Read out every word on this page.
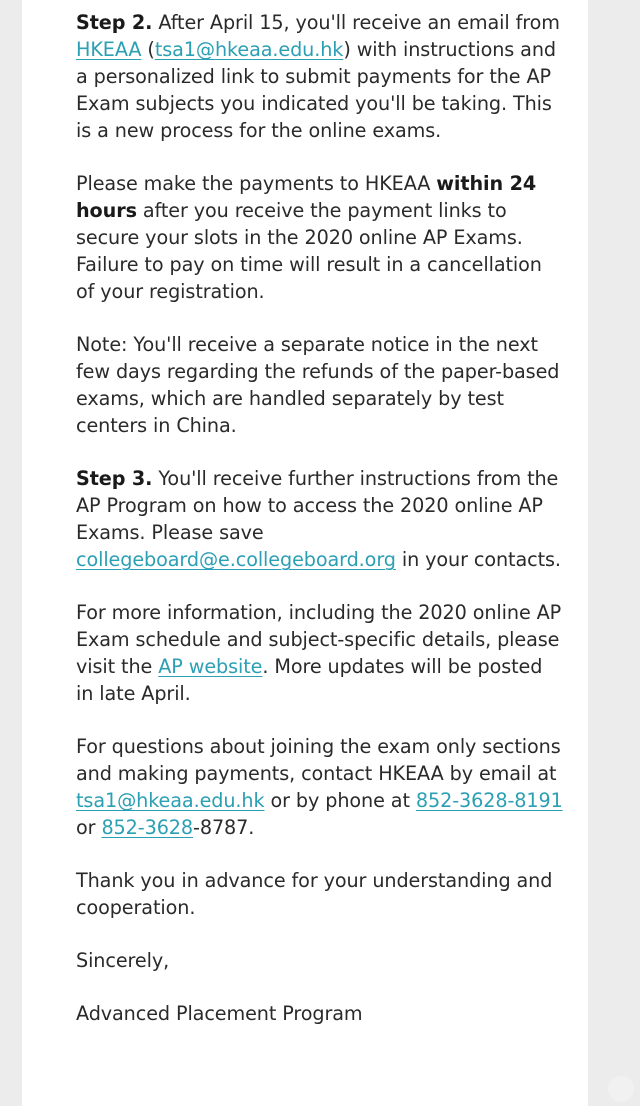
Step 2. After April 15, you'll receive an email from HKEAA (tsa1@hkeaa.edu.hk) with instructions and a personalized link to submit payments for the AP Exam subjects you indicated you'll be taking. This is a new process for the online exams.

Please make the payments to HKEAA within 24 hours after you receive the payment links to secure your slots in the 2020 online AP Exams. Failure to pay on time will result in a cancellation of your registration.

Note: You'll receive a separate notice in the next few days regarding the refunds of the paper-based exams, which are handled separately by test centers in China.

Step 3. You'll receive further instructions from the AP Program on how to access the 2020 online AP Exams. Please save collegeboard@e.collegeboard.org in your contacts.

For more information, including the 2020 online AP Exam schedule and subject-specific details, please visit the AP website. More updates will be posted in late April.

For questions about joining the exam only sections and making payments, contact HKEAA by email at tsa1@hkeaa.edu.hk or by phone at 852-3628-8191 or 852-3628-8787.

Thank you in advance for your understanding and cooperation.

Sincerely,

Advanced Placement Program
